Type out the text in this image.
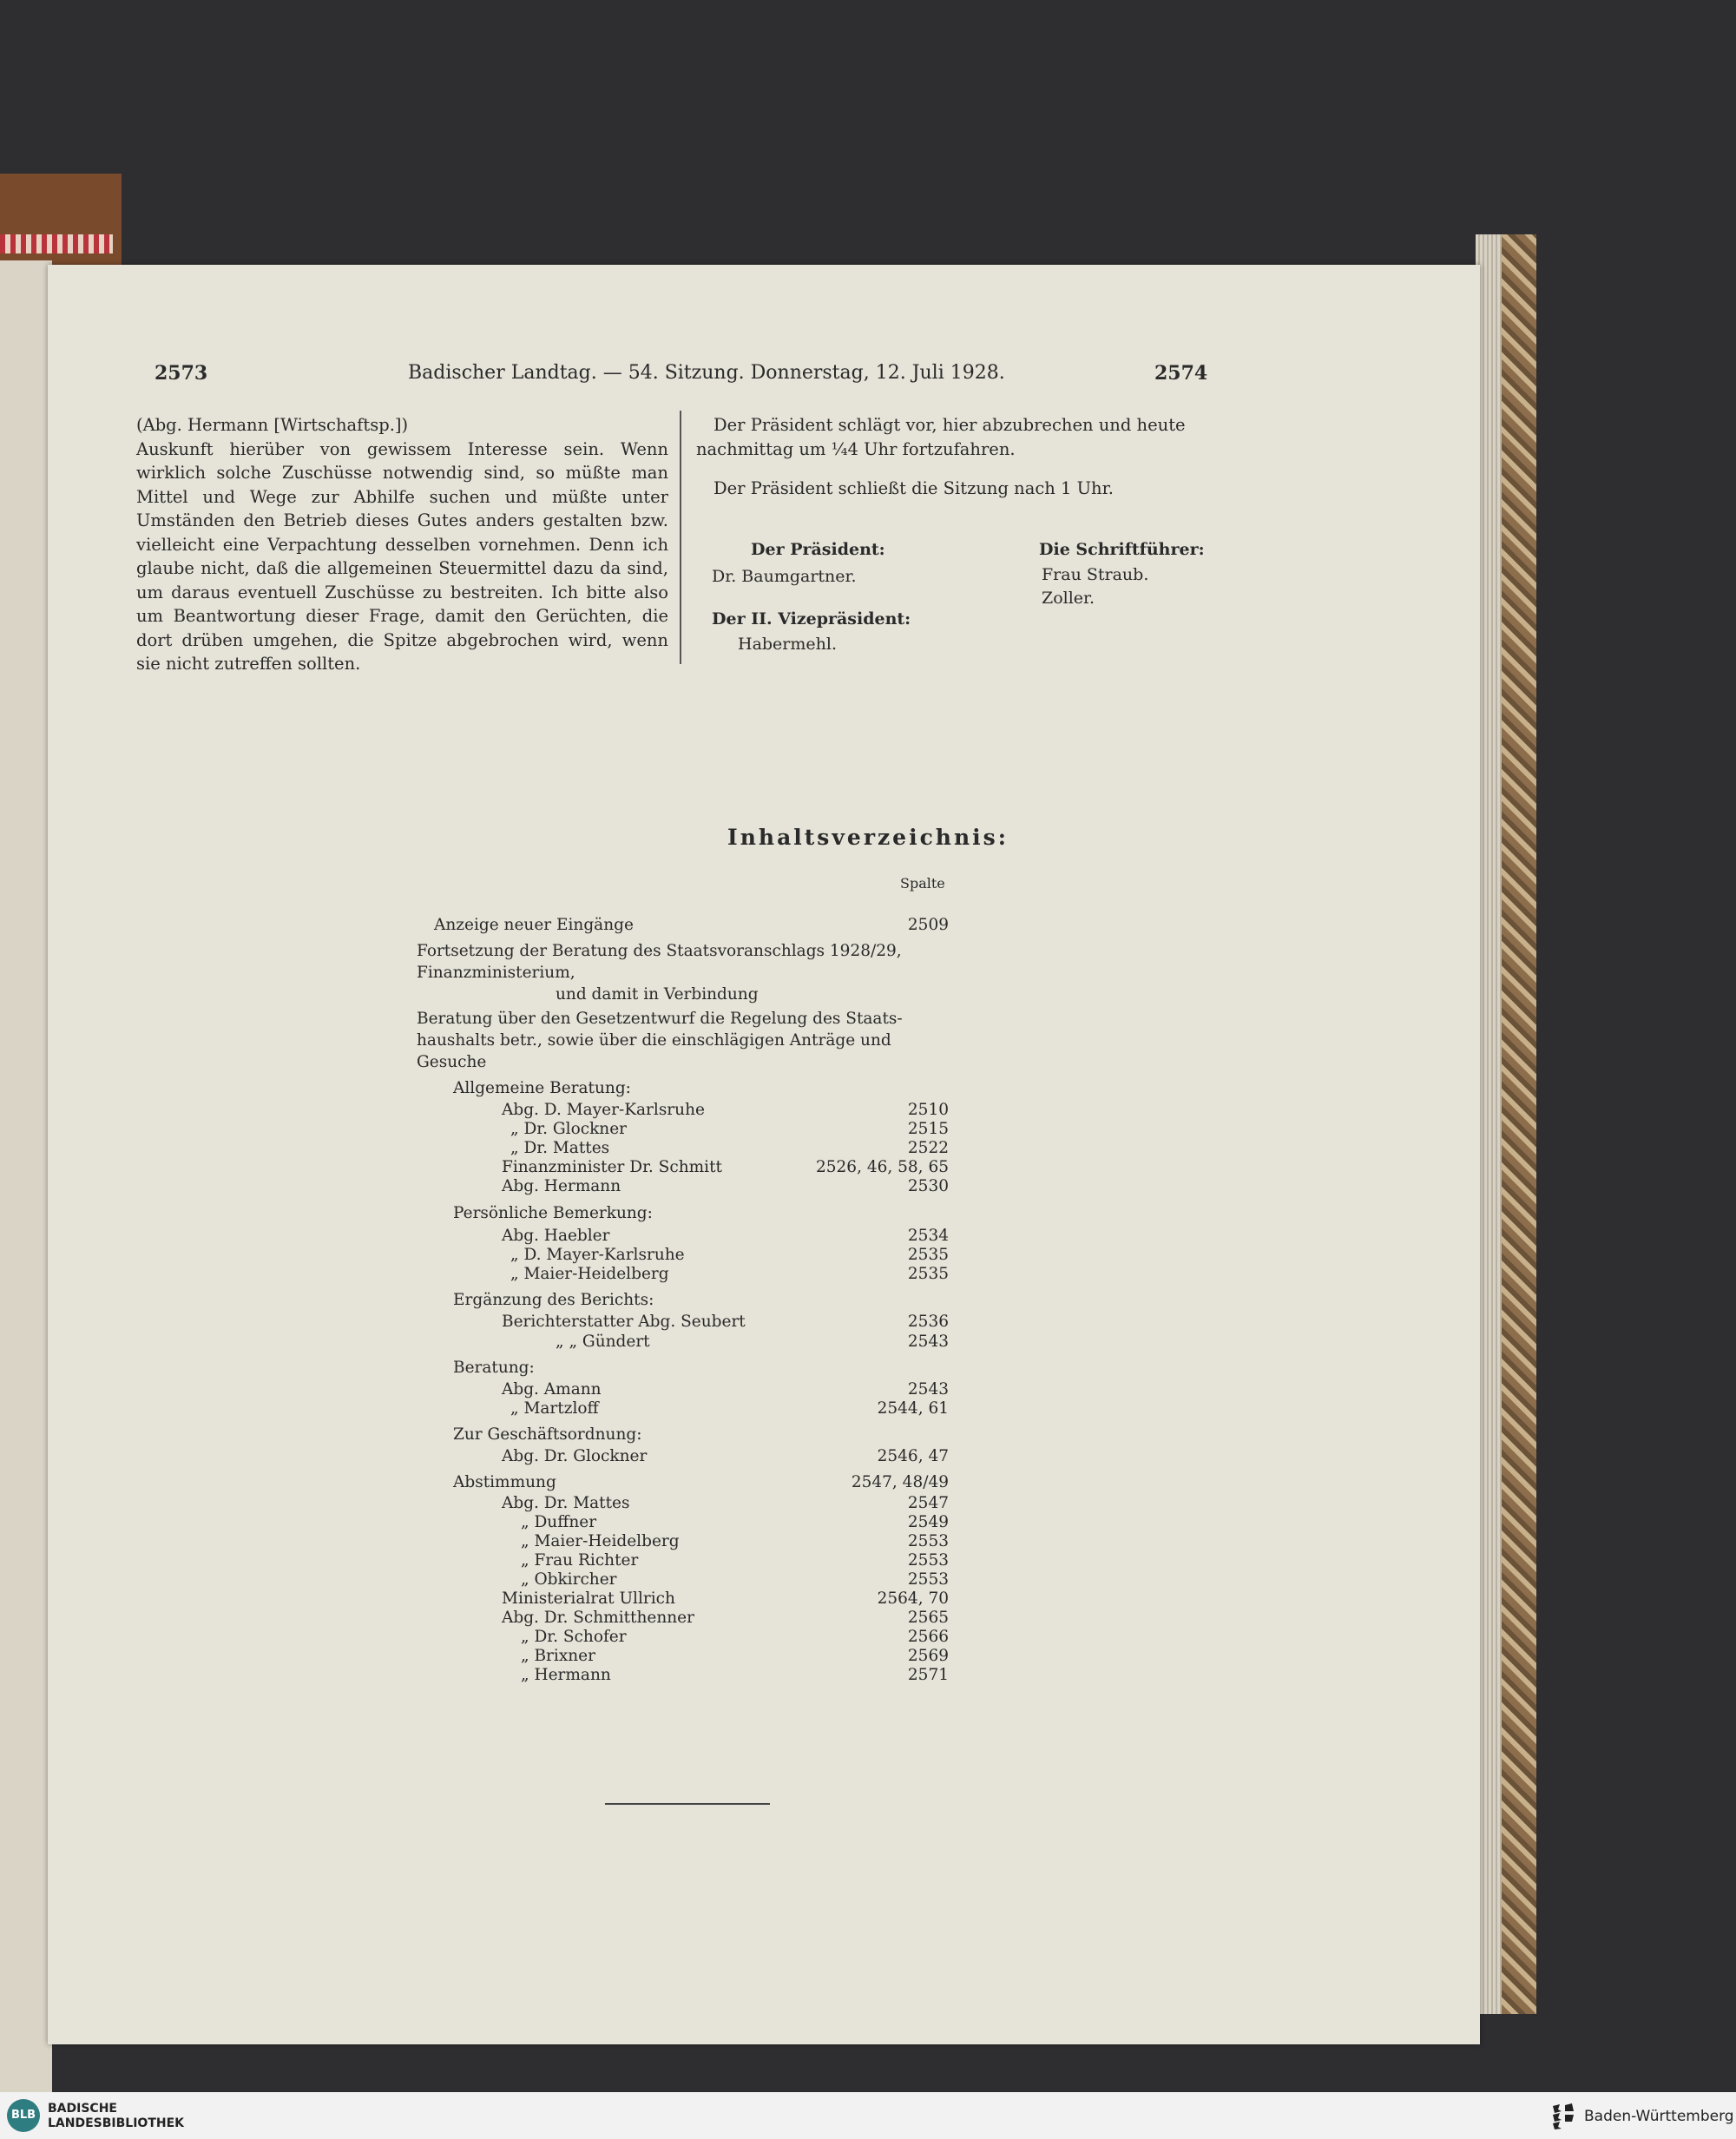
2573	Badischer Landtag. — 54. Sitzung. Donnerstag, 12. Juli 1928.	2574

(Abg. Hermann [Wirtschaftsp.])

Auskunft hierüber von gewissem Interesse sein. Wenn wirklich solche Zuschüsse notwendig sind, so müßte man Mittel und Wege zur Abhilfe suchen und müßte unter Umständen den Betrieb dieses Gutes anders gestalten bzw. vielleicht eine Verpachtung desselben vornehmen. Denn ich glaube nicht, daß die allgemeinen Steuermittel dazu da sind, um daraus eventuell Zuschüsse zu bestreiten. Ich bitte also um Beantwortung dieser Frage, damit den Gerüchten, die dort drüben umgehen, die Spitze abgebrochen wird, wenn sie nicht zutreffen sollten.

Der Präsident schlägt vor, hier abzubrechen und heute nachmittag um ¼4 Uhr fortzufahren.

Der Präsident schließt die Sitzung nach 1 Uhr.

Der Präsident:
Dr. Baumgartner.
Der II. Vizepräsident:
Habermehl.
Die Schriftführer:
Frau Straub.
Zoller.
Inhaltsverzeichnis:
Spalte
Anzeige neuer Eingänge	2509
Fortsetzung der Beratung des Staatsvoranschlags 1928/29,
Finanzministerium,
und damit in Verbindung
Beratung über den Gesetzentwurf die Regelung des Staats-
haushalts betr., sowie über die einschlägigen Anträge und
Gesuche
Allgemeine Beratung:
Abg. D. Mayer-Karlsruhe	2510
„ Dr. Glockner	2515
„ Dr. Mattes	2522
Finanzminister Dr. Schmitt	2526, 46, 58, 65
Abg. Hermann	2530
Persönliche Bemerkung:
Abg. Haebler	2534
„ D. Mayer-Karlsruhe	2535
„ Maier-Heidelberg	2535
Ergänzung des Berichts:
Berichterstatter Abg. Seubert	2536
„ „ Gündert	2543
Beratung:
Abg. Amann	2543
„ Martzloff	2544, 61
Zur Geschäftsordnung:
Abg. Dr. Glockner	2546, 47
Abstimmung	2547, 48/49
Abg. Dr. Mattes	2547
„ Duffner	2549
„ Maier-Heidelberg	2553
„ Frau Richter	2553
„ Obkircher	2553
Ministerialrat Ullrich	2564, 70
Abg. Dr. Schmitthenner	2565
„ Dr. Schofer	2566
„ Brixner	2569
„ Hermann	2571
BLB BADISCHE
LANDESBIBLIOTHEK	Baden-Württemberg
